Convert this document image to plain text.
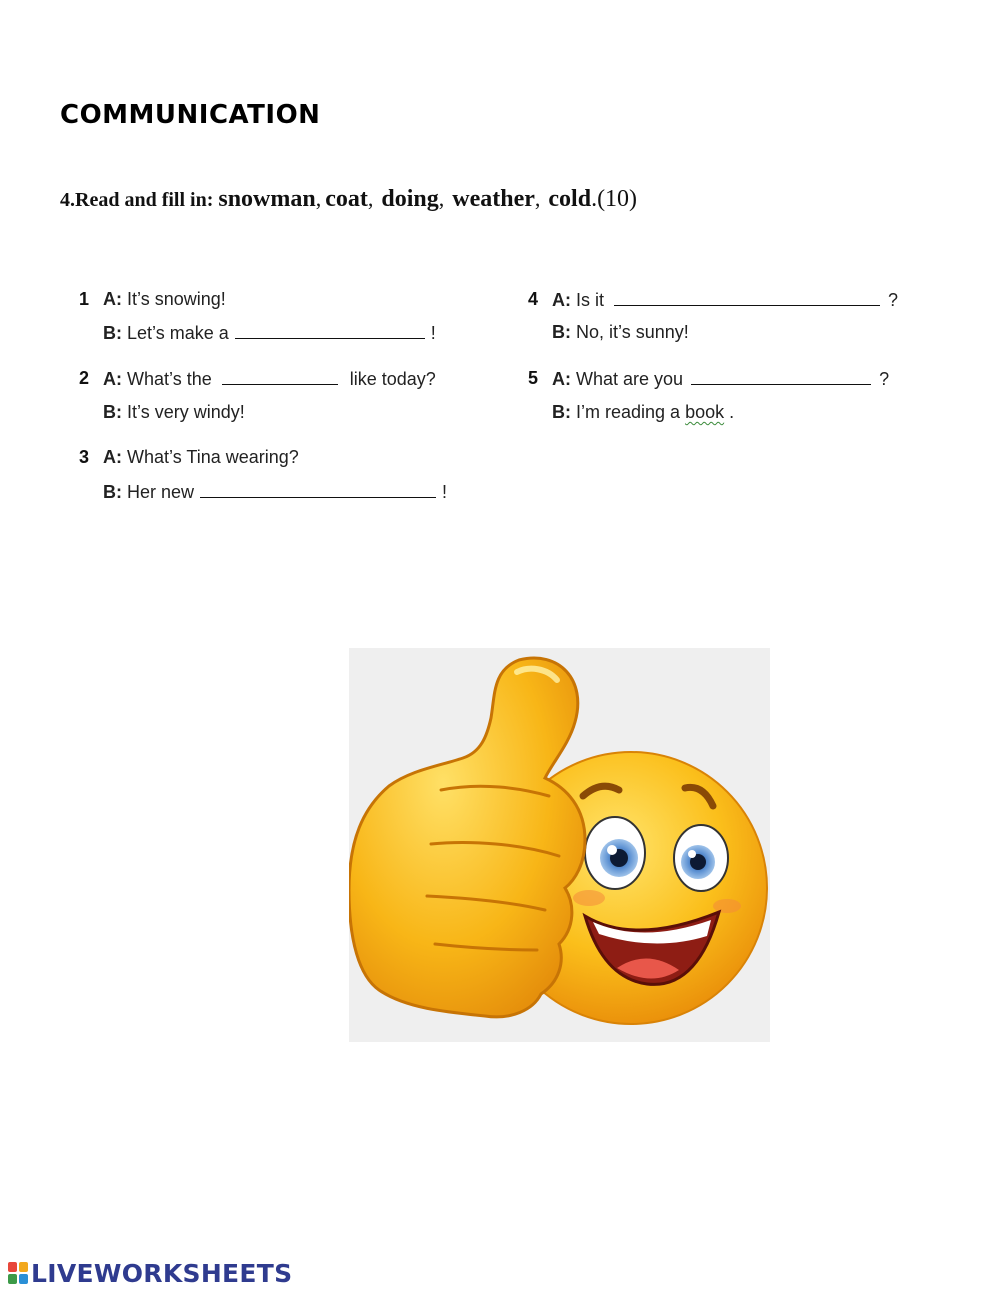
COMMUNICATION
4.Read and fill in: snowman, coat, doing, weather, cold.(10)
1 A: It’s snowing!
B: Let’s make a	!
2 A: What’s the	like today?
B: It’s very windy!
3 A: What’s Tina wearing?
B: Her new	!
4 A: Is it	?
B: No, it’s sunny!
5 A: What are you	?
B: I’m reading a book .
LIVEWORKSHEETS
